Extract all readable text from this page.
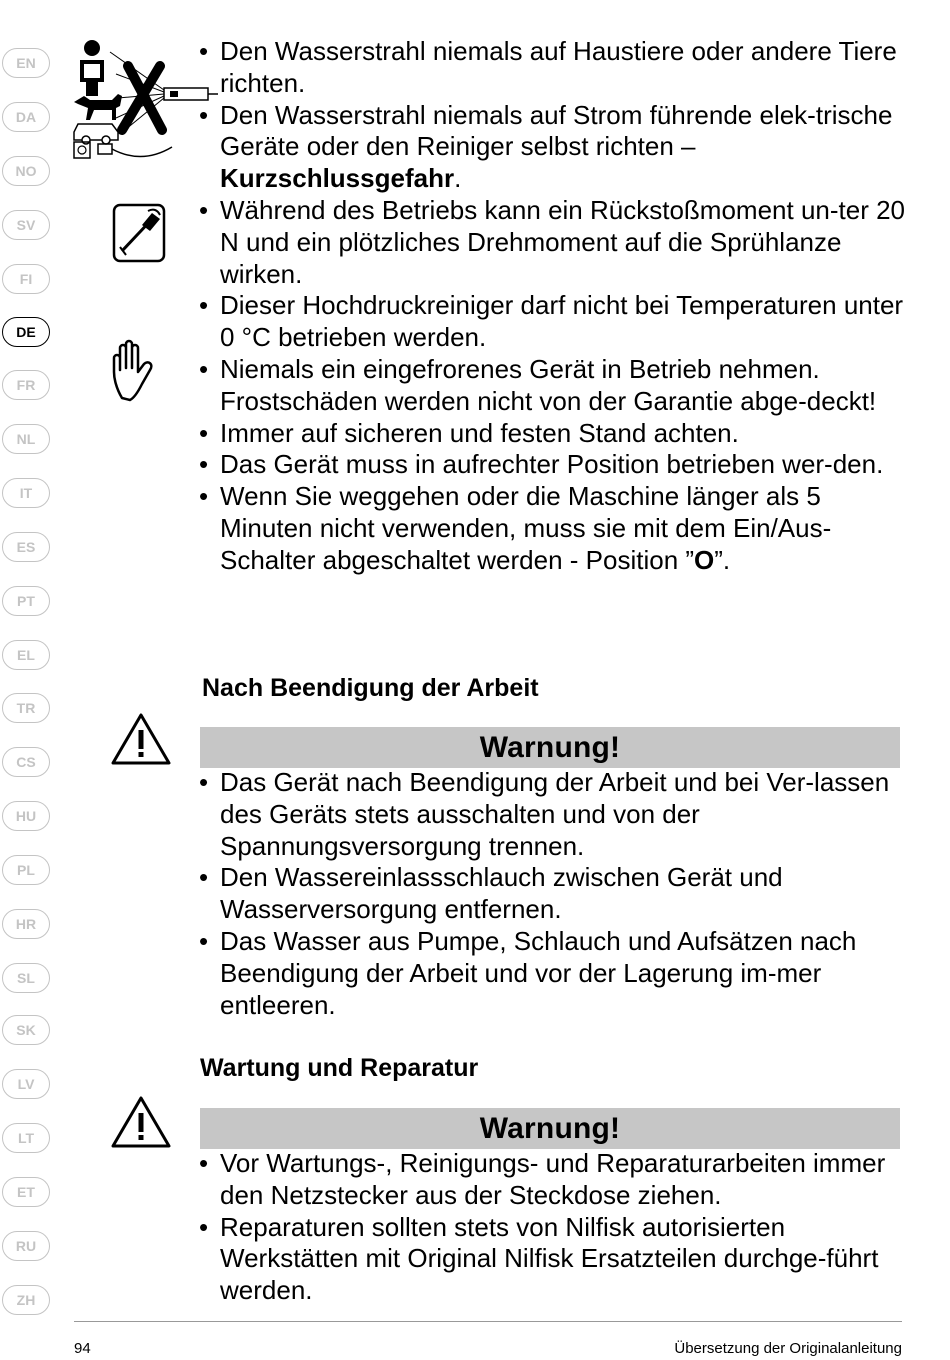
EN
DA
NO
SV
FI
DE
FR
NL
IT
ES
PT
EL
TR
CS
HU
PL
HR
SL
SK
LV
LT
ET
RU
ZH
• Den Wasserstrahl niemals auf Haustiere oder andere Tiere richten.
• Den Wasserstrahl niemals auf Strom führende elek-trische Geräte oder den Reiniger selbst richten – Kurzschlussgefahr.
• Während des Betriebs kann ein Rückstoßmoment un-ter 20 N und ein plötzliches Drehmoment auf die Sprühlanze wirken.
• Dieser Hochdruckreiniger darf nicht bei Temperaturen unter 0 °C betrieben werden.
• Niemals ein eingefrorenes Gerät in Betrieb nehmen. Frostschäden werden nicht von der Garantie abge-deckt!
• Immer auf sicheren und festen Stand achten.
• Das Gerät muss in aufrechter Position betrieben wer-den.
• Wenn Sie weggehen oder die Maschine länger als 5 Minuten nicht verwenden, muss sie mit dem Ein/Aus-Schalter abgeschaltet werden - Position ”O”.
Nach Beendigung der Arbeit
Warnung!
• Das Gerät nach Beendigung der Arbeit und bei Ver-lassen des Geräts stets ausschalten und von der Spannungsversorgung trennen.
• Den Wassereinlassschlauch zwischen Gerät und Wasserversorgung entfernen.
• Das Wasser aus Pumpe, Schlauch und Aufsätzen nach Beendigung der Arbeit und vor der Lagerung im-mer entleeren.
Wartung und Reparatur
Warnung!
• Vor Wartungs-, Reinigungs- und Reparaturarbeiten immer den Netzstecker aus der Steckdose ziehen.
• Reparaturen sollten stets von Nilfisk autorisierten Werkstätten mit Original Nilfisk Ersatzteilen durchge-führt werden.
94	Übersetzung der Originalanleitung
